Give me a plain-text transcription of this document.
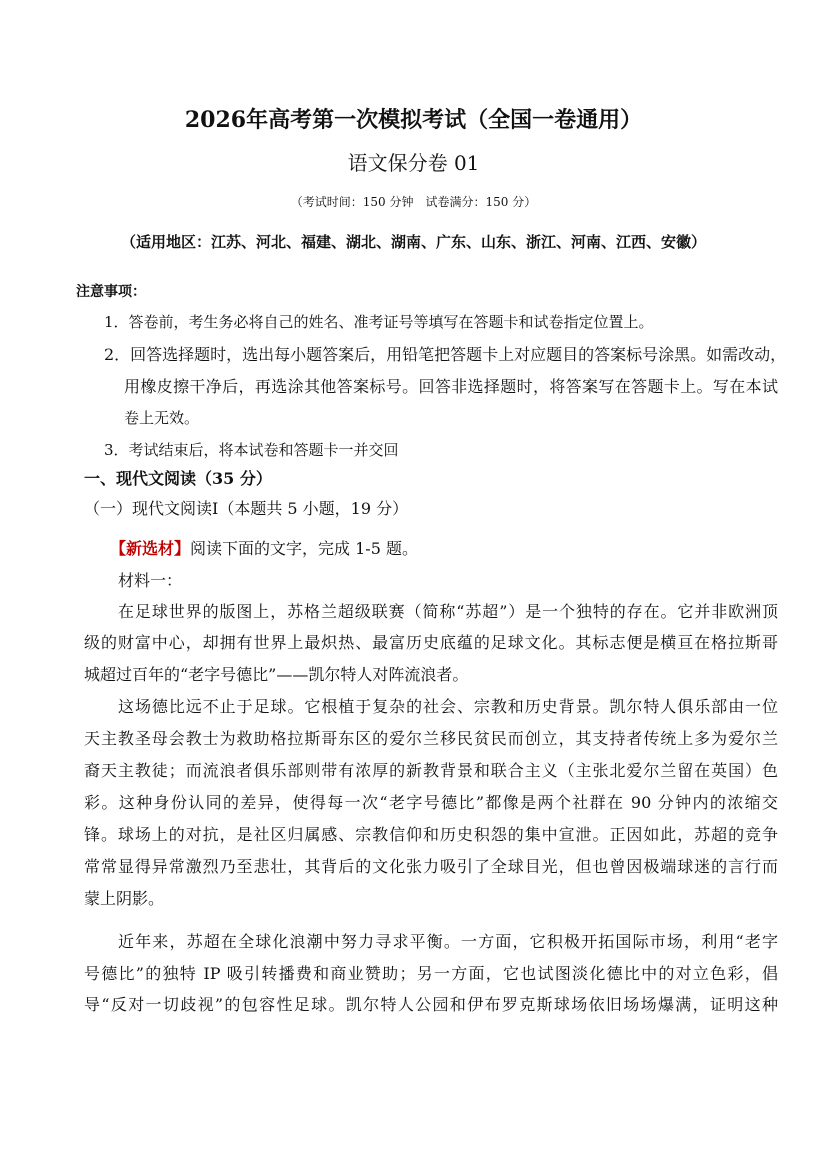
2026年高考第一次模拟考试（全国一卷通用）
语文保分卷 01
（考试时间：150 分钟　试卷满分：150 分）
（适用地区：江苏、河北、福建、湖北、湖南、广东、山东、浙江、河南、江西、安徽）
注意事项：
1．答卷前，考生务必将自己的姓名、准考证号等填写在答题卡和试卷指定位置上。
2．回答选择题时，选出每小题答案后，用铅笔把答题卡上对应题目的答案标号涂黑。如需改动，
用橡皮擦干净后，再选涂其他答案标号。回答非选择题时，将答案写在答题卡上。写在本试
卷上无效。
3．考试结束后，将本试卷和答题卡一并交回
一、现代文阅读（35 分）
（一）现代文阅读Ⅰ（本题共 5 小题，19 分）
【新选材】阅读下面的文字，完成 1-5 题。
材料一：
在足球世界的版图上，苏格兰超级联赛（简称“苏超”）是一个独特的存在。它并非欧洲顶
级的财富中心，却拥有世界上最炽热、最富历史底蕴的足球文化。其标志便是横亘在格拉斯哥
城超过百年的“老字号德比”——凯尔特人对阵流浪者。
这场德比远不止于足球。它根植于复杂的社会、宗教和历史背景。凯尔特人俱乐部由一位
天主教圣母会教士为救助格拉斯哥东区的爱尔兰移民贫民而创立，其支持者传统上多为爱尔兰
裔天主教徒；而流浪者俱乐部则带有浓厚的新教背景和联合主义（主张北爱尔兰留在英国）色
彩。这种身份认同的差异，使得每一次“老字号德比”都像是两个社群在 90 分钟内的浓缩交
锋。球场上的对抗，是社区归属感、宗教信仰和历史积怨的集中宣泄。正因如此，苏超的竞争
常常显得异常激烈乃至悲壮，其背后的文化张力吸引了全球目光，但也曾因极端球迷的言行而
蒙上阴影。
近年来，苏超在全球化浪潮中努力寻求平衡。一方面，它积极开拓国际市场，利用“老字
号德比”的独特 IP 吸引转播费和商业赞助；另一方面，它也试图淡化德比中的对立色彩，倡
导“反对一切歧视”的包容性足球。凯尔特人公园和伊布罗克斯球场依旧场场爆满，证明这种
